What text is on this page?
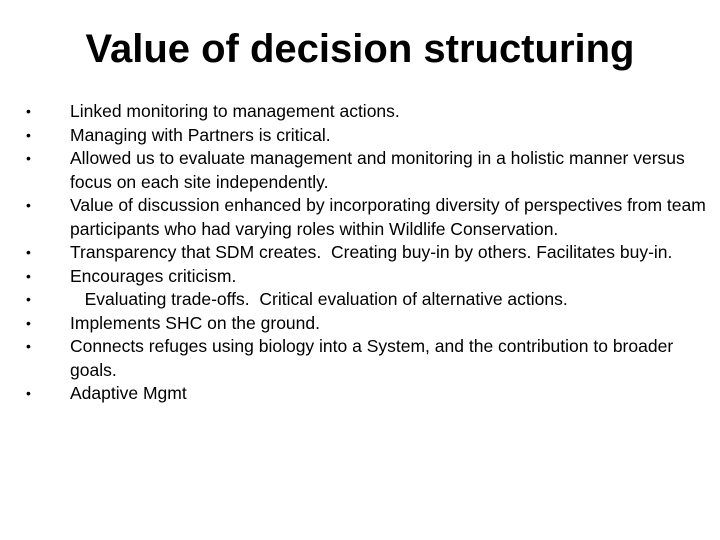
Value of decision structuring
•	Linked monitoring to management actions.
•	Managing with Partners is critical.
•	Allowed us to evaluate management and monitoring in a holistic manner versus focus on each site independently.
•	Value of discussion enhanced by incorporating diversity of perspectives from team participants who had varying roles within Wildlife Conservation.
•	Transparency that SDM creates.  Creating buy-in by others. Facilitates buy-in.
•	Encourages criticism.
•	Evaluating trade-offs.  Critical evaluation of alternative actions.
•	Implements SHC on the ground.
•	Connects refuges using biology into a System, and the contribution to broader goals.
•	Adaptive Mgmt
